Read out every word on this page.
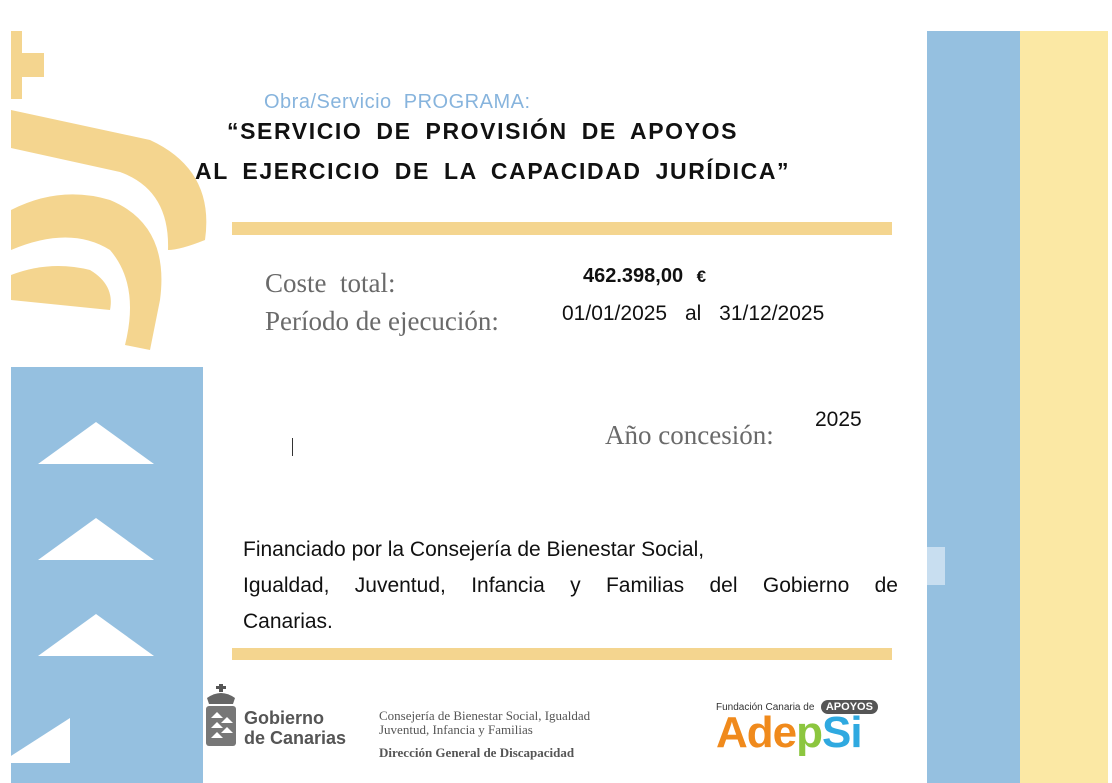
Obra/Servicio  PROGRAMA:
“SERVICIO DE PROVISIÓN DE APOYOS
AL EJERCICIO DE LA CAPACIDAD JURÍDICA”
Coste  total:	462.398,00 €
Período de ejecución:	01/01/2025 al 31/12/2025
Año concesión:
2025
Financiado por la Consejería de Bienestar Social,
Igualdad, Juventud, Infancia y Familias del Gobierno de
Canarias.
Gobierno
de Canarias
Consejería de Bienestar Social, Igualdad
Juventud, Infancia y Familias
Dirección General de Discapacidad
Fundación Canaria de APOYOS
AdepSi
